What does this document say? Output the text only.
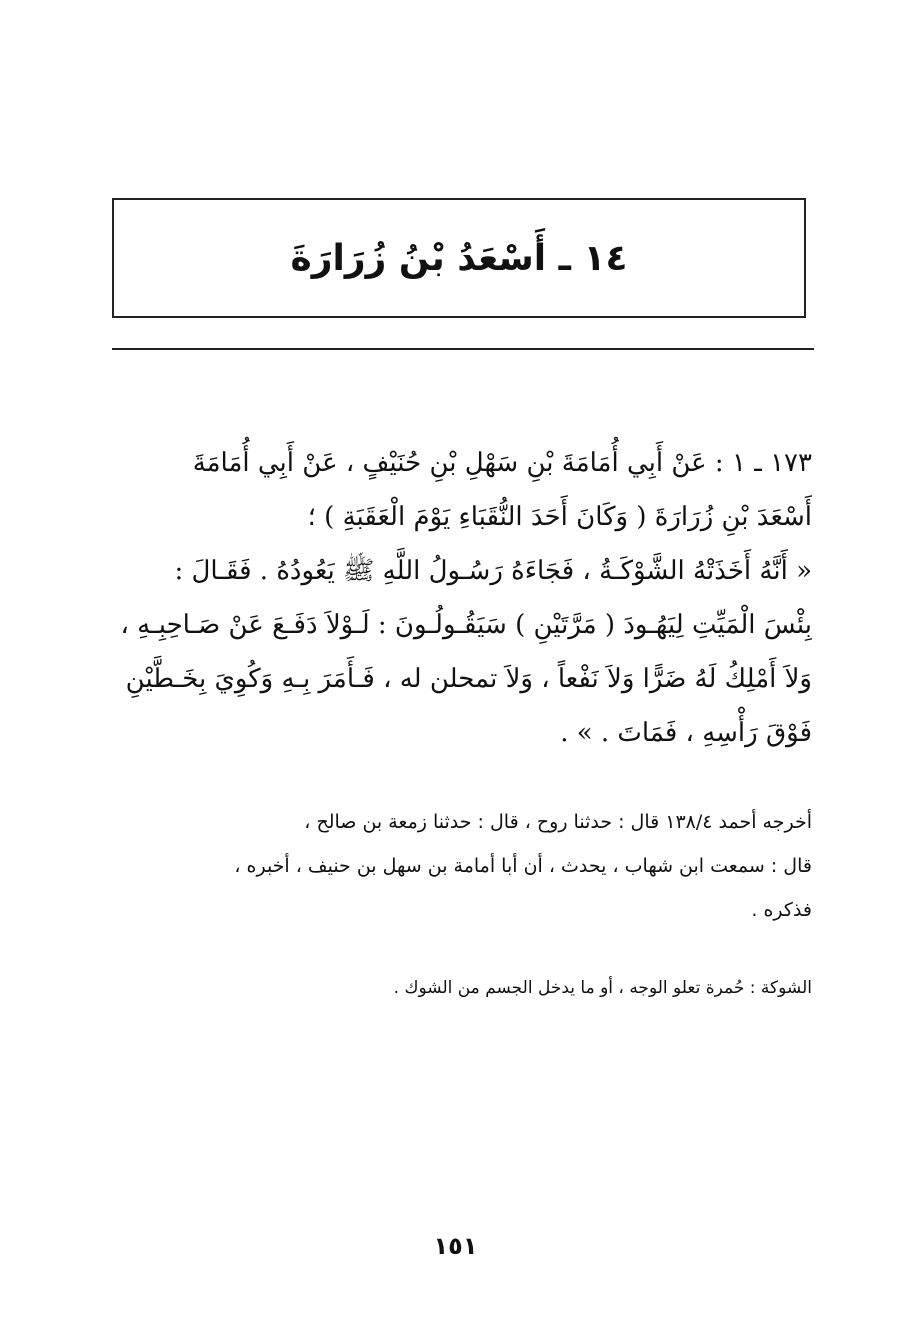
١٤ ـ أَسْعَدُ بْنُ زُرَارَةَ
١٧٣ ـ ١ : عَنْ أَبِي أُمَامَةَ بْنِ سَهْلِ بْنِ حُنَيْفٍ ، عَنْ أَبِي أُمَامَةَ
أَسْعَدَ بْنِ زُرَارَةَ ( وَكَانَ أَحَدَ النُّقَبَاءِ يَوْمَ الْعَقَبَةِ ) ؛
« أَنَّهُ أَخَذَتْهُ الشَّوْكَـةُ ، فَجَاءَهُ رَسُـولُ اللَّهِ ﷺ يَعُودُهُ . فَقَـالَ :
بِئْسَ الْمَيِّتِ لِيَهُـودَ ( مَرَّتَيْنِ ) سَيَقُـولُـونَ : لَـوْلاَ دَفَـعَ عَنْ صَـاحِبِـهِ ،
وَلاَ أَمْلِكُ لَهُ ضَرًّا وَلاَ نَفْعاً ، وَلاَ تمحلن له ، فَـأَمَرَ بِـهِ وَكُوِيَ بِخَـطَّيْنِ
فَوْقَ رَأْسِهِ ، فَمَاتَ . » .
أخرجه أحمد ١٣٨/٤ قال : حدثنا روح ، قال : حدثنا زمعة بن صالح ،
قال : سمعت ابن شهاب ، يحدث ، أن أبا أمامة بن سهل بن حنيف ، أخبره ،
فذكره .
الشوكة : حُمرة تعلو الوجه ، أو ما يدخل الجسم من الشوك .
١٥١
